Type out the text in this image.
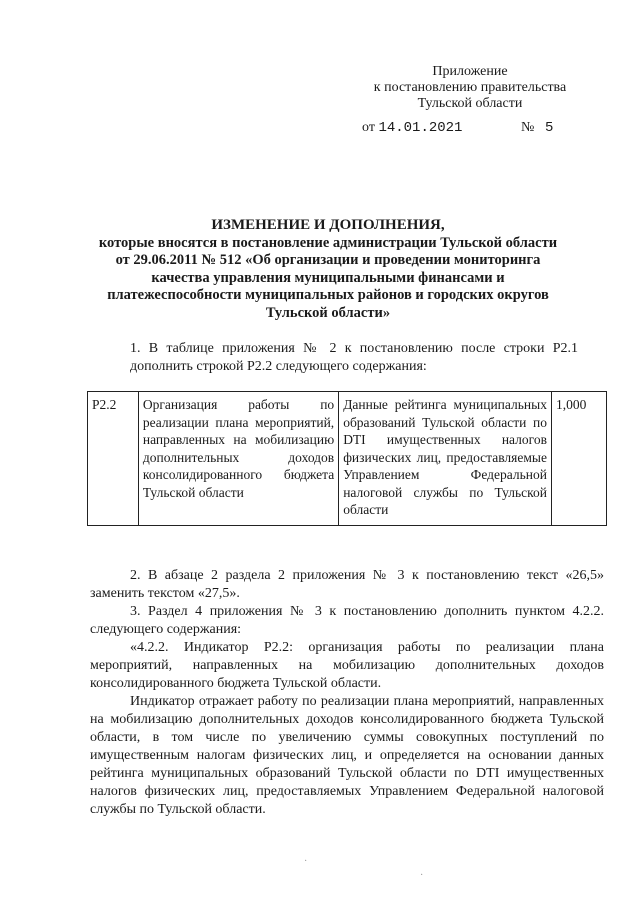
Приложение
к постановлению правительства
Тульской области
от 14.01.2021	№ 5
ИЗМЕНЕНИЕ И ДОПОЛНЕНИЯ,
которые вносятся в постановление администрации Тульской области
от 29.06.2011 № 512 «Об организации и проведении мониторинга
качества управления муниципальными финансами и
платежеспособности муниципальных районов и городских округов
Тульской области»
1. В таблице приложения № 2 к постановлению после строки Р2.1 дополнить строкой Р2.2 следующего содержания:
Р2.2	Организация работы по реализации плана мероприятий, направленных на мобилизацию дополнительных доходов консолидированного бюджета Тульской области	Данные рейтинга муниципальных образований Тульской области по DTI имущественных налогов физических лиц, предоставляемые Управлением Федеральной налоговой службы по Тульской области	1,000

2. В абзаце 2 раздела 2 приложения № 3 к постановлению текст «26,5» заменить текстом «27,5».

3. Раздел 4 приложения № 3 к постановлению дополнить пунктом 4.2.2. следующего содержания:

«4.2.2. Индикатор Р2.2: организация работы по реализации плана мероприятий, направленных на мобилизацию дополнительных доходов консолидированного бюджета Тульской области.

Индикатор отражает работу по реализации плана мероприятий, направленных на мобилизацию дополнительных доходов консолидированного бюджета Тульской области, в том числе по увеличению суммы совокупных поступлений по имущественным налогам физических лиц, и определяется на основании данных рейтинга муниципальных образований Тульской области по DTI имущественных налогов физических лиц, предоставляемых Управлением Федеральной налоговой службы по Тульской области.

·
·
